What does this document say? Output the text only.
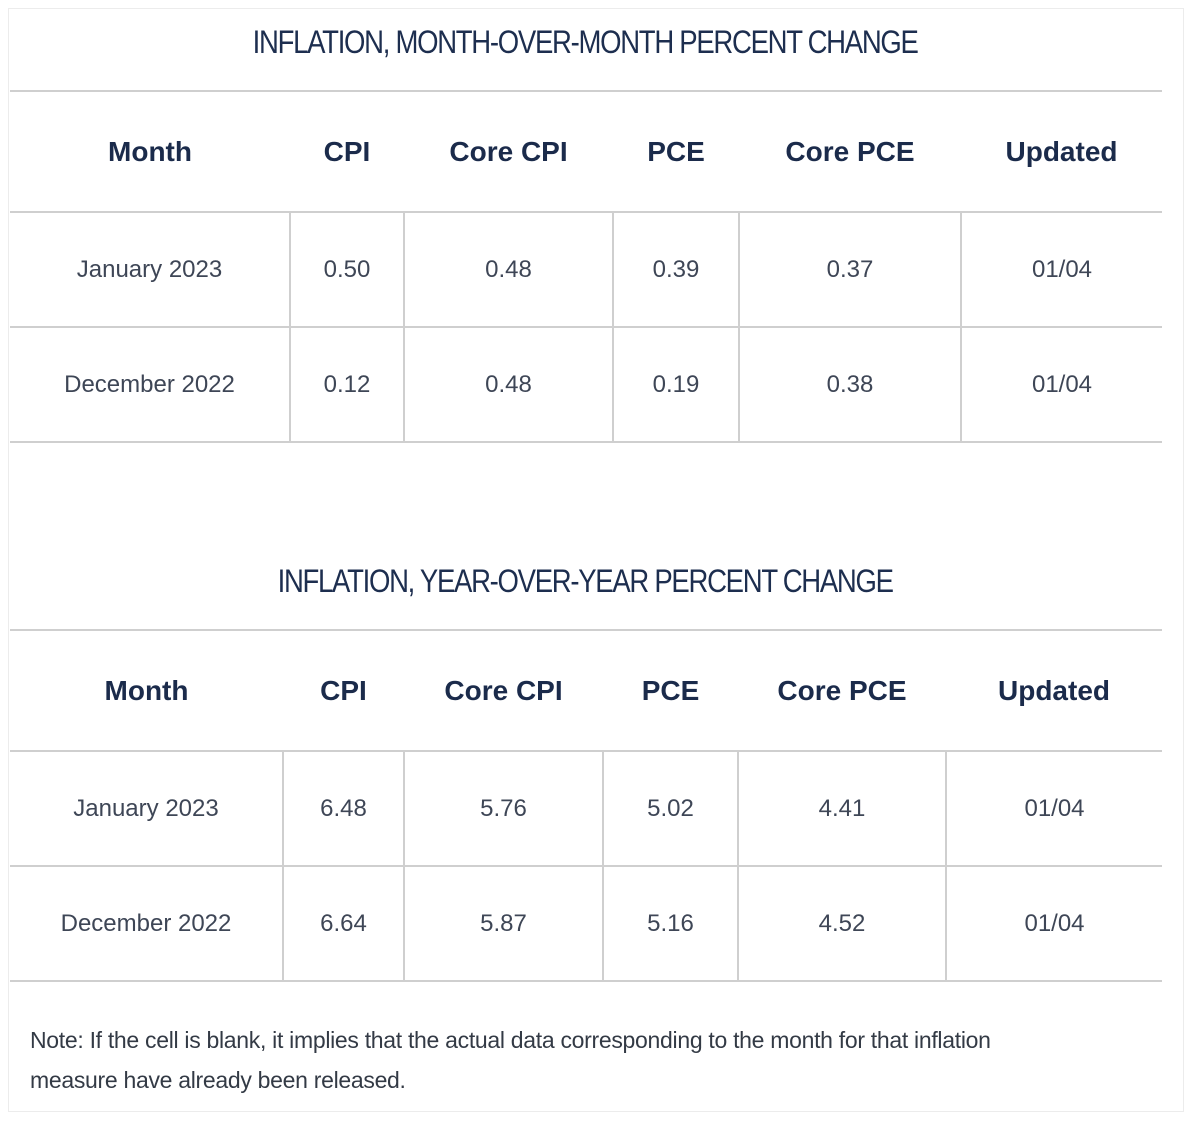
INFLATION, MONTH-OVER-MONTH PERCENT CHANGE
Month	CPI	Core CPI	PCE	Core PCE	Updated
January 2023	0.50	0.48	0.39	0.37	01/04
December 2022	0.12	0.48	0.19	0.38	01/04
INFLATION, YEAR-OVER-YEAR PERCENT CHANGE
Month	CPI	Core CPI	PCE	Core PCE	Updated
January 2023	6.48	5.76	5.02	4.41	01/04
December 2022	6.64	5.87	5.16	4.52	01/04
Note: If the cell is blank, it implies that the actual data corresponding to the month for that inflation
measure have already been released.
